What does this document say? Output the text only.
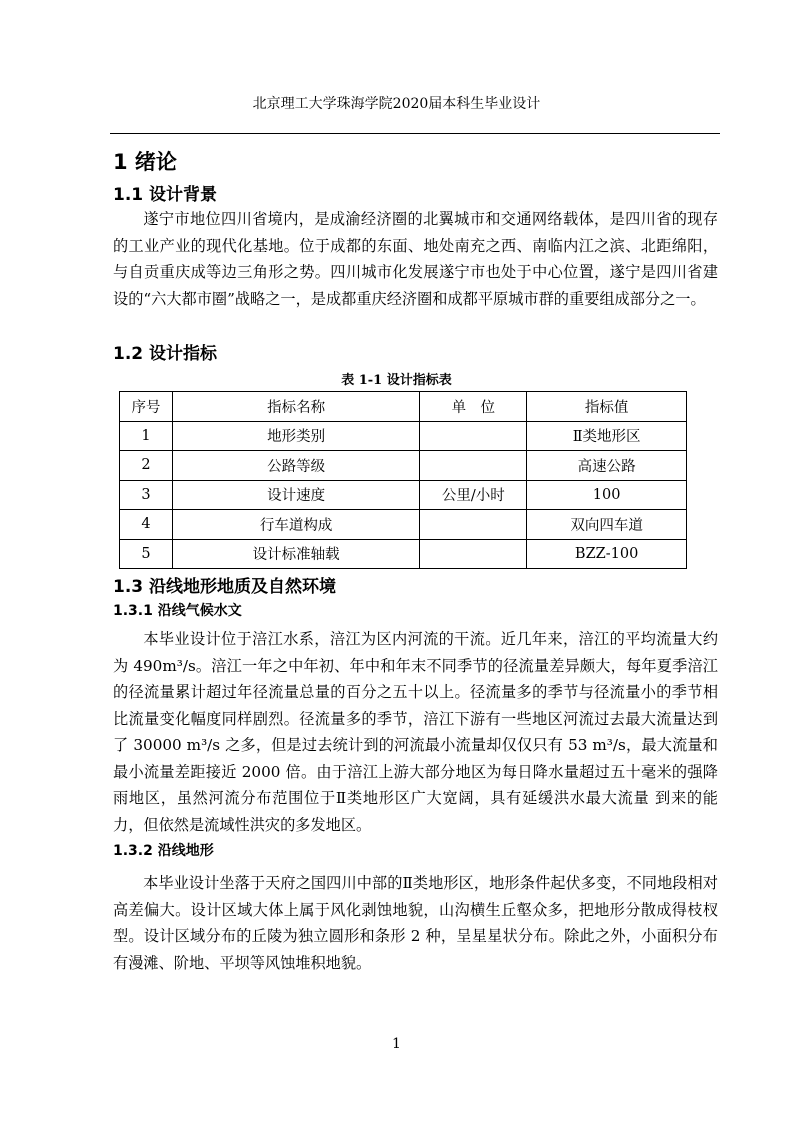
北京理工大学珠海学院2020届本科生毕业设计
1 绪论
1.1 设计背景
遂宁市地位四川省境内，是成渝经济圈的北翼城市和交通网络载体，是四川省的现存的工业产业的现代化基地。位于成都的东面、地处南充之西、南临内江之滨、北距绵阳，与自贡重庆成等边三角形之势。四川城市化发展遂宁市也处于中心位置，遂宁是四川省建设的“六大都市圈”战略之一，是成都重庆经济圈和成都平原城市群的重要组成部分之一。
1.2 设计指标
表 1-1 设计指标表
序号	指标名称	单　位	指标值
1	地形类别		Ⅱ类地形区
2	公路等级		高速公路
3	设计速度	公里/小时	100
4	行车道构成		双向四车道
5	设计标准轴载		BZZ-100
1.3 沿线地形地质及自然环境
1.3.1 沿线气候水文
本毕业设计位于涪江水系，涪江为区内河流的干流。近几年来，涪江的平均流量大约为 490m³/s。涪江一年之中年初、年中和年末不同季节的径流量差异颇大，每年夏季涪江的径流量累计超过年径流量总量的百分之五十以上。径流量多的季节与径流量小的季节相比流量变化幅度同样剧烈。径流量多的季节，涪江下游有一些地区河流过去最大流量达到了 30000 m³/s 之多，但是过去统计到的河流最小流量却仅仅只有 53 m³/s，最大流量和最小流量差距接近 2000 倍。由于涪江上游大部分地区为每日降水量超过五十毫米的强降雨地区，虽然河流分布范围位于Ⅱ类地形区广大宽阔，具有延缓洪水最大流量 到来的能力，但依然是流域性洪灾的多发地区。
1.3.2 沿线地形
本毕业设计坐落于天府之国四川中部的Ⅱ类地形区，地形条件起伏多变，不同地段相对高差偏大。设计区域大体上属于风化剥蚀地貌，山沟横生丘壑众多，把地形分散成得枝杈型。设计区域分布的丘陵为独立圆形和条形 2 种，呈星星状分布。除此之外，小面积分布有漫滩、阶地、平坝等风蚀堆积地貌。
1
